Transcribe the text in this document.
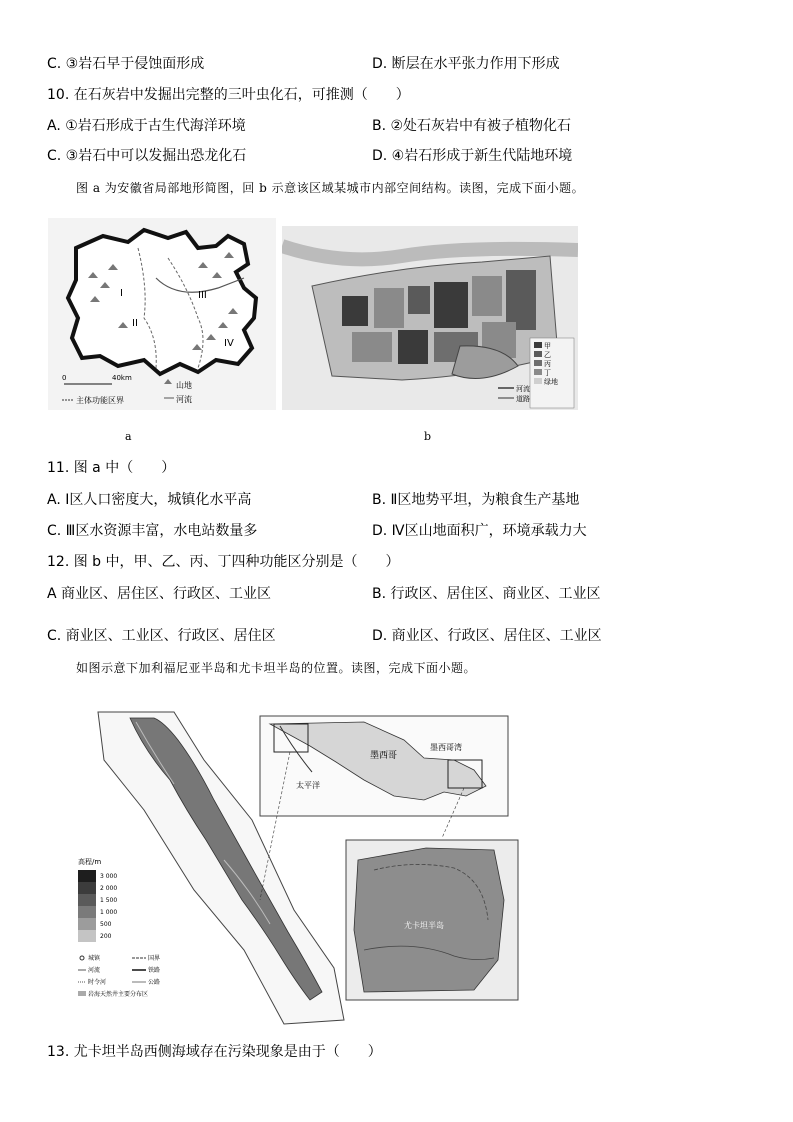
C. ③岩石早于侵蚀面形成	D. 断层在水平张力作用下形成
10. 在石灰岩中发掘出完整的三叶虫化石，可推测（　　）
A. ①岩石形成于古生代海洋环境	B. ②处石灰岩中有被子植物化石
C. ③岩石中可以发掘出恐龙化石	D. ④岩石形成于新生代陆地环境
图 a 为安徽省局部地形简图，回 b 示意该区域某城市内部空间结构。读图，完成下面小题。
I
II
III
IV
0	40km
主体功能区界
山地
河流
a
甲
乙
丙
丁
绿地
河流
道路
b
11. 图 a 中（　　）
A. Ⅰ区人口密度大，城镇化水平高	B. Ⅱ区地势平坦，为粮食生产基地
C. Ⅲ区水资源丰富，水电站数量多	D. Ⅳ区山地面积广，环境承载力大
12. 图 b 中，甲、乙、丙、丁四种功能区分别是（　　）
A 商业区、居住区、行政区、工业区	B. 行政区、居住区、商业区、工业区
C. 商业区、工业区、行政区、居住区	D. 商业区、行政区、居住区、工业区
如图示意下加利福尼亚半岛和尤卡坦半岛的位置。读图，完成下面小题。
高程/m
3 000
2 000
1 500
1 000
500
200
城镇	国界
河流	铁路
时令河	公路
岩海天然井主要分布区
墨西哥
太平洋
墨西哥湾
尤卡坦半岛
13. 尤卡坦半岛西侧海域存在污染现象是由于（　　）
